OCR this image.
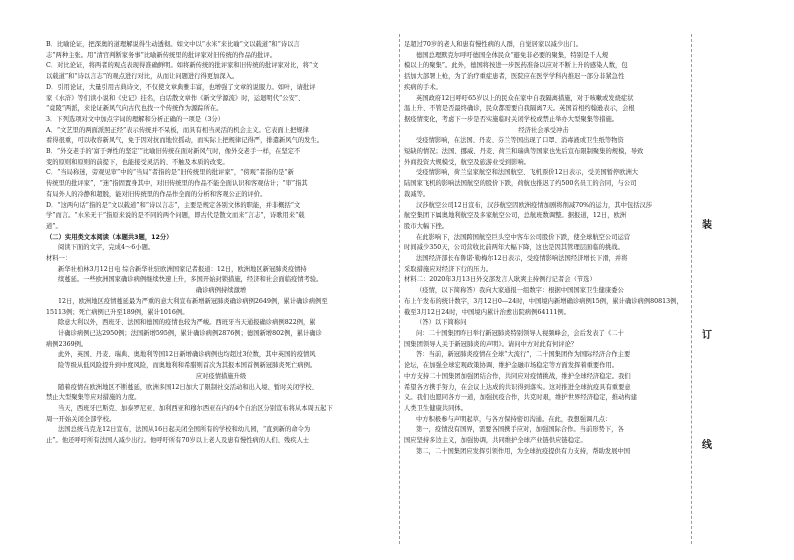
B．比喻论证，把深奥的道理解说得生动透彻。如文中以“水米”来比喻“文以载道”和“诗以言

志”两种主张。用“清官判断家务事”比喻新传统里的批评家对旧传统的作品的批评。

C．对比论证，将两者的观点表现得准确鲜明。如将新传统的批评家和旧传统的批评家对比，将“文

以载道”和“诗以言志”的观点进行对比，从而让问题进行得更加深入。

D．引用论证，大量引用古典诗文，不仅使文章典雅丰富，也增强了文章的说服力。如叶，请批评

家《水浒》等们读小说和《史记》挂名，白话散文章作《新文学源流》时，运迴明代“公安”、

“竟陵”两派，来论证新风气向古代也找一个传统作为源踪所在。

3．下列选项对文中加点字词的理解和分析正确的一项是（3分）

A．“文艺里的两面派照正经”表示传统并不呆板，而具有相当灵活的机会主义。它表面上把规律

看得很重，可以收容新风气，免于因对抗而地位摇动，而实际上把规律记得严，排遣新风气的发生。

B．“外交老手的‘富于弹性的坚定’”比喻旧传统在面对新风气时，像外交老手一样，在坚定不

变的原则和原则的前提下，也能接受灵活的、不触及本质的改变。

C．“当局称迷，旁观见审”中的“当局”者指的是“旧传统里的批评家”，“傍观”者指的是“新

传统里的批评家”，“迷”指固置身其中，对旧传统里的作品不能全面认识和客观估计；“审”指其

有局外人的冷静和超脱，能对旧传统里的作品作全面的分析和客观公正的评价。

D．“这两句话”指的是“文以载道”和“诗以言志”，主要是规定各别文体的职能，并非概括“文

学”而言。“水米无干”指原来说的是不同的两个问题，即古代是散文而来“言志”，诗歌用来“载

道”。

（二）实用类文本阅读（本题共3题，12分）

阅读下面的文字，完成4～6小题。

材料一：

新华社柏林3月12日电 综合新华社驻欧洲国家记者报道：12日，欧洲地区新冠肺炎疫情持

续蔓延。一些欧洲国家确诊病例继续快速上升，多国开始封锁措施，经济和社会面临疫情考验。

确诊病例持续激增

12日，欧洲地区疫情蔓延最为严重的意大利宣布新增新冠肺炎确诊病例2649例，累计确诊病例至

15113例；死亡病例已升至189例，累计1016例。

除意大利以外，西班牙、法国和德国的疫情也较为严峻。西班牙当天通报确诊病例822例，累

计确诊病例已达2950例；法国新增595例，累计确诊病例2876例；德国新增802例，累计确诊

病例2369例。

此外，英国、丹麦、瑞典、奥地利等国12日新增确诊病例也均超过3位数，其中英国的疫情风

险等级从低风险提升到中度风险，而奥地利和希腊则首次为其报本国首例新冠肺炎死亡病例。

应对疫情措施升级

随着疫情在欧洲地区不断蔓延，欧洲多国12日加大了限制社交活动和出入境、暂时关闭学校、

禁止大型聚集等应对措施的力度。

当天，西班牙巴斯克、加泰罗尼亚、加利西亚和穆尔西亚在内的4个自治区分别宣布将从本周五起下

周一开始关闭全部学校。

法国总统马克龙12日宣布，法国从16日起关闭全国所有的学校和幼儿园，“直到新的命令为

止”。他还呼吁所有法国人减少出行。他呼吁所有70岁以上老人及患有慢性病的人们、残疾人士

足超过70岁的老人和患有慢性病的人群，自觉居家以减少出门。

德国总理默克尔呼吁德国全体民众“避免非必要的聚集，特别是千人规

模以上的聚集”。此外，德国将按进一步医药准备以应对不断上升的感染人数，包

括加大部署上枪，为了治疗重症患者，医院应在医学学科内推迟一部分非紧急性

疾病的手术。

英国政府12日呼吁65岁以上的民众在家中自我隔离措施，对于咳嗽或发烧症状

温上升、不管是否最终确诊，民众都需要自我隔离7天。英国首相约翰逊表示，会根

据疫情变化，考虑下一步是否实施临时关闭学校或禁止举办大型聚集等措施。

经济社会承受冲击

受疫情影响，在法国、丹麦、芬兰等国出现了口罩、消毒液或卫生纸等物资

短缺的情况；法国、挪威、丹麦、荷兰和瑞典等国家也先后宣布限制聚集的规模，导致

外商投资大规模受，航空及旅游业受到影响。

受疫情影响，荷兰皇家航空和法国航空、飞机票价12日表示，受美国暂停欧洲大

陆国家飞机的影响法国航空的股价下跌，荷航也推迟了约500名员工的合同，与公司

裁减等。

汉莎航空公司12日宣布，汉莎航空因欧洲疫情加剧将削减70%的运力，其中包括汉莎

航空集团下属奥地利航空及多家航空公司，总航班数调整。据报道，12日，欧洲

股市大幅下挫。

在此影响下，法国跨国航空巨头空中客车公司股价下跌，使全球航空公司运营

时间减少350天，公司营收比前两年大幅下降，这也是因其管理层面临的挑战。

法国经济部长布鲁诺·勒梅尔12日表示，受疫情影响法国经济增长下滑，并将

采取措施应对经济下行的压力。

材料二：2020年3月13日外交部发言人耿爽主持例行记者会（节选）

（疫情，以下简称答）我向大家通报一组数字：根据中国国家卫生健康委公

布上午发布的统计数字，3月12日0—24时，中国境内新增确诊病例15例，累计确诊病例80813例，

截至3月12日24时，中国境内累计治愈出院病例64111例。

（答）以下简称问

问：二十国集团昨日举行新冠肺炎特别领导人视频峰会，会后发表了《二十

国集团领导人关于新冠肺炎的声明》。请问中方对此有何评论？

答：当前，新冠肺炎疫情在全球“大流行”，二十国集团作为国际经济合作主要

论坛，在加强全球宏观政策协调、维护金融市场稳定等方面发挥着重要作用。

中方支持二十国集团加强团结合作，共同应对疫情挑战，维护全球经济稳定。我们

希望各方携手努力，在会议上达成的共识得到落实。这对推进全球抗疫具有重要意

义。我们也愿同各方一道，加强抗疫合作，共克时艰，维护世界经济稳定，推动构建

人类卫生健康共同体。

中方积极参与声明起草，与各方保持密切沟通。在此，我想强调几点：

第一，疫情没有国界，需要各国携手应对，加强国际合作。当前形势下，各

国应坚持多边主义，加强协调，共同维护全球产业链供应链稳定。

第二，二十国集团应发挥引领作用，为全球抗疫提供有力支持，帮助发展中国

装
订
线
